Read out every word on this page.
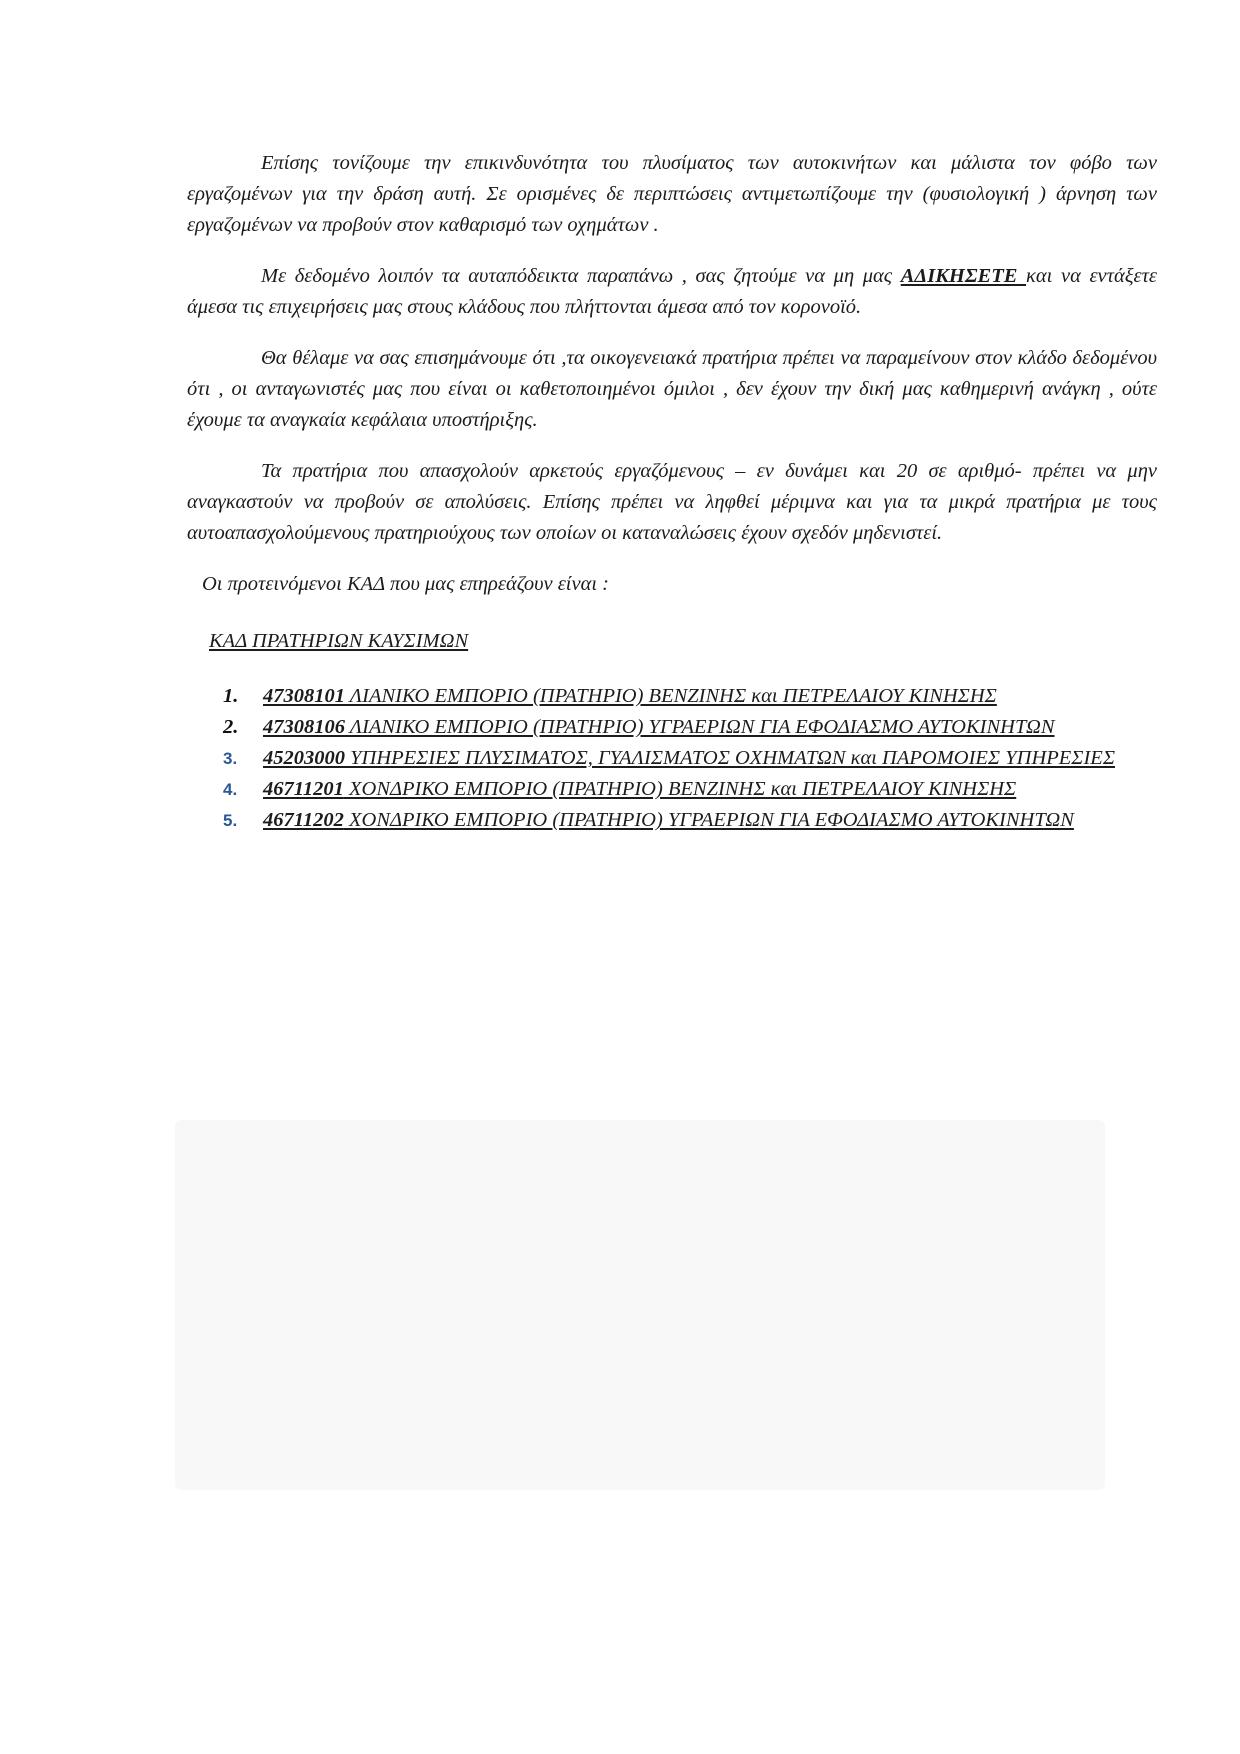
Επίσης τονίζουμε την επικινδυνότητα του πλυσίματος των αυτοκινήτων και μάλιστα τον φόβο των εργαζομένων για την δράση αυτή. Σε ορισμένες δε περιπτώσεις αντιμετωπίζουμε την (φυσιολογική ) άρνηση των εργαζομένων να προβούν στον καθαρισμό των οχημάτων .

Με δεδομένο λοιπόν τα αυταπόδεικτα παραπάνω , σας ζητούμε να μη μας ΑΔΙΚΗΣΕΤΕ και να εντάξετε άμεσα τις επιχειρήσεις μας στους κλάδους που πλήττονται άμεσα από τον κορονοϊό.

Θα θέλαμε να σας επισημάνουμε ότι ,τα οικογενειακά πρατήρια πρέπει να παραμείνουν στον κλάδο δεδομένου ότι , οι ανταγωνιστές μας που είναι οι καθετοποιημένοι όμιλοι , δεν έχουν την δική μας καθημερινή ανάγκη , ούτε έχουμε τα αναγκαία κεφάλαια υποστήριξης.

Τα πρατήρια που απασχολούν αρκετούς εργαζόμενους – εν δυνάμει και 20 σε αριθμό- πρέπει να μην αναγκαστούν να προβούν σε απολύσεις. Επίσης πρέπει να ληφθεί μέριμνα και για τα μικρά πρατήρια με τους αυτοαπασχολούμενους πρατηριούχους των οποίων οι καταναλώσεις έχουν σχεδόν μηδενιστεί.

Οι προτεινόμενοι ΚΑΔ που μας επηρεάζουν είναι :

ΚΑΔ ΠΡΑΤΗΡΙΩΝ ΚΑΥΣΙΜΩΝ

1. 47308101 ΛΙΑΝΙΚΟ ΕΜΠΟΡΙΟ (ΠΡΑΤΗΡΙΟ) ΒΕΝΖΙΝΗΣ και ΠΕΤΡΕΛΑΙΟΥ ΚΙΝΗΣΗΣ
2. 47308106 ΛΙΑΝΙΚΟ ΕΜΠΟΡΙΟ (ΠΡΑΤΗΡΙΟ) ΥΓΡΑΕΡΙΩΝ ΓΙΑ ΕΦΟΔΙΑΣΜΟ ΑΥΤΟΚΙΝΗΤΩΝ
3. 45203000 ΥΠΗΡΕΣΙΕΣ ΠΛΥΣΙΜΑΤΟΣ, ΓΥΑΛΙΣΜΑΤΟΣ ΟΧΗΜΑΤΩΝ και ΠΑΡΟΜΟΙΕΣ ΥΠΗΡΕΣΙΕΣ
4. 46711201 ΧΟΝΔΡΙΚΟ ΕΜΠΟΡΙΟ (ΠΡΑΤΗΡΙΟ) ΒΕΝΖΙΝΗΣ και ΠΕΤΡΕΛΑΙΟΥ ΚΙΝΗΣΗΣ
5. 46711202 ΧΟΝΔΡΙΚΟ ΕΜΠΟΡΙΟ (ΠΡΑΤΗΡΙΟ) ΥΓΡΑΕΡΙΩΝ ΓΙΑ ΕΦΟΔΙΑΣΜΟ ΑΥΤΟΚΙΝΗΤΩΝ
